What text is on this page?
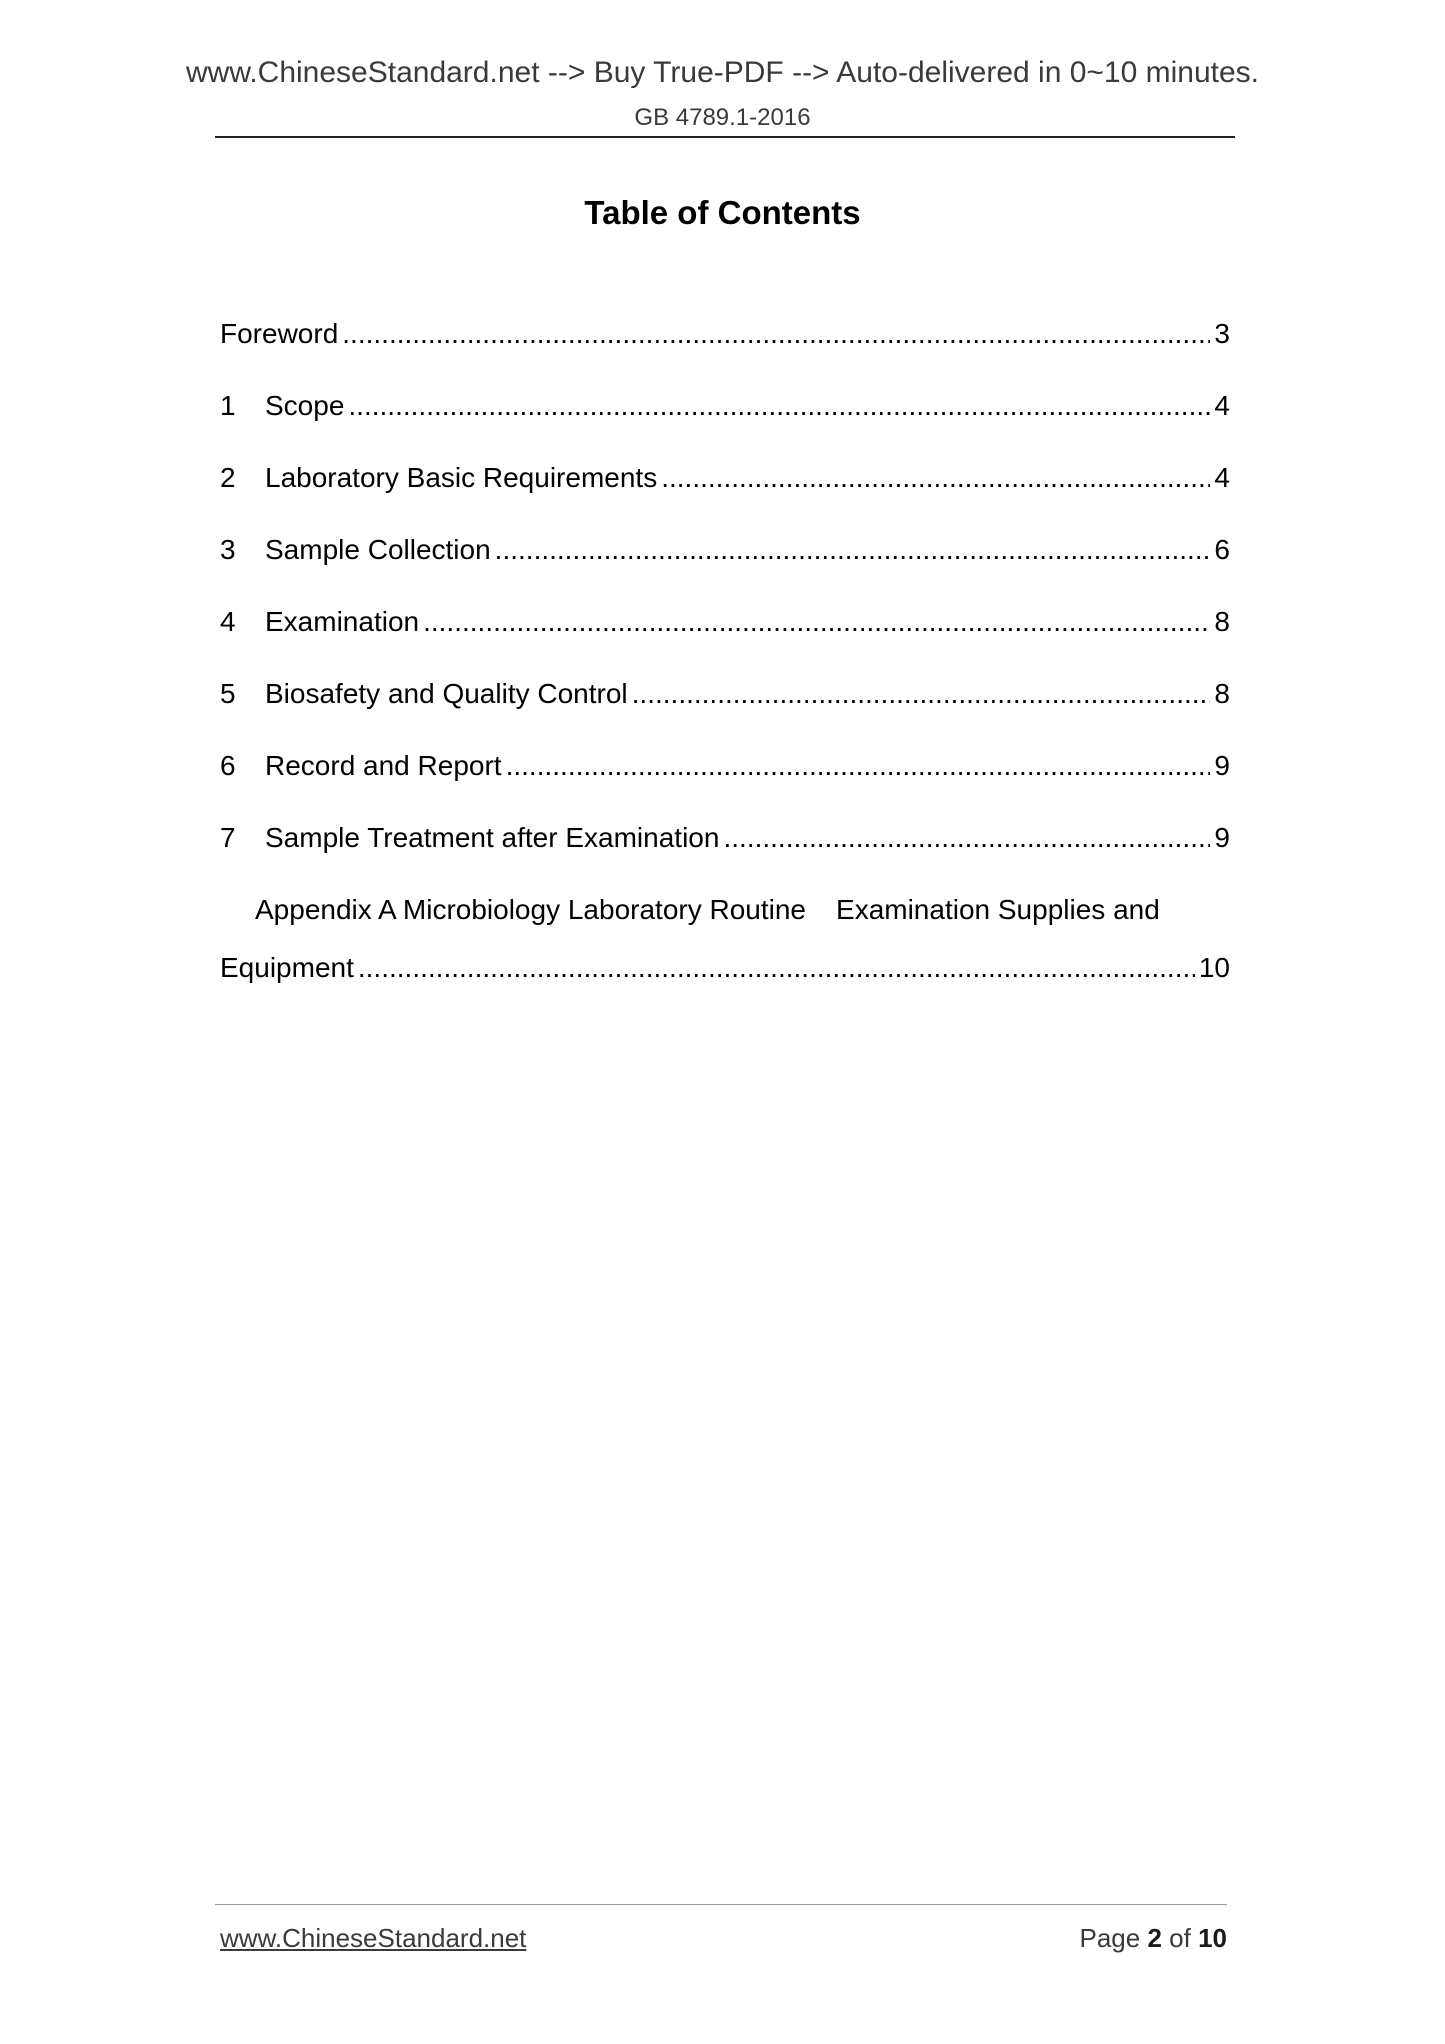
www.ChineseStandard.net --> Buy True-PDF --> Auto-delivered in 0~10 minutes.
GB 4789.1-2016
Table of Contents
Foreword .....	3
1	Scope .....	4
2	Laboratory Basic Requirements .....	4
3	Sample Collection .....	6
4	Examination .....	8
5	Biosafety and Quality Control .....	8
6	Record and Report .....	9
7	Sample Treatment after Examination .....	9
Appendix A Microbiology Laboratory Routine Examination Supplies and
Equipment .....	10
www.ChineseStandard.net	Page 2 of 10
